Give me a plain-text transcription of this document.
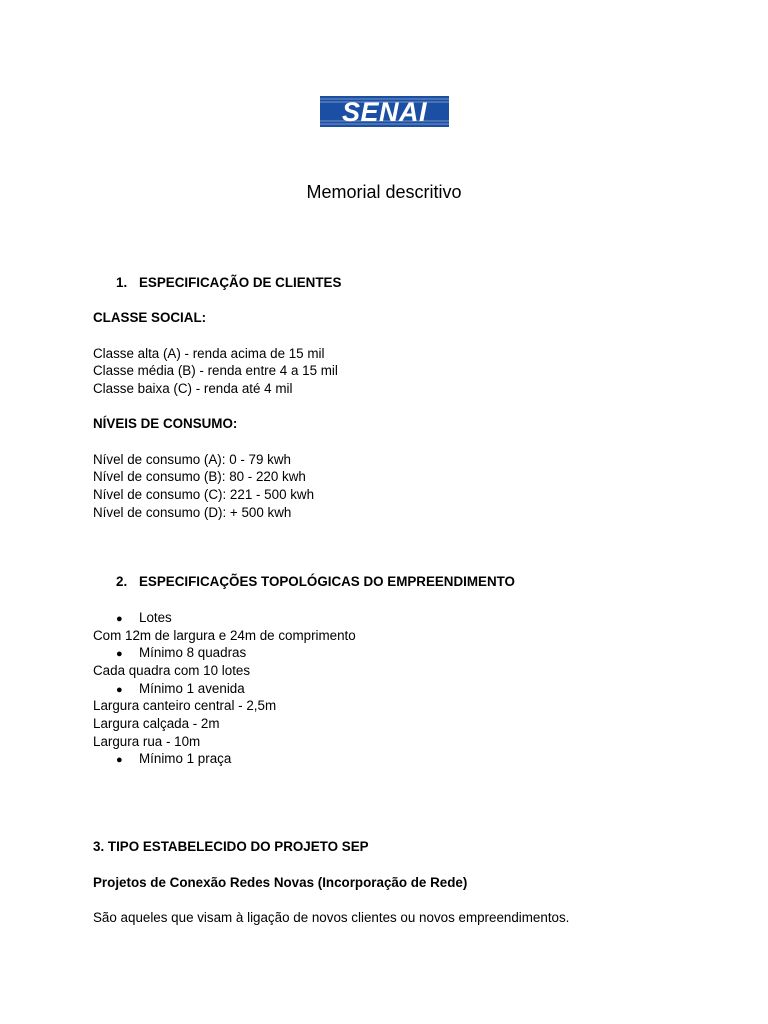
SENAI
Memorial descritivo
1. ESPECIFICAÇÃO DE CLIENTES
CLASSE SOCIAL:
Classe alta (A) - renda acima de 15 mil
Classe média (B) - renda entre 4 a 15 mil
Classe baixa (C) - renda até 4 mil
NÍVEIS DE CONSUMO:
Nível de consumo (A): 0 - 79 kwh
Nível de consumo (B): 80 - 220 kwh
Nível de consumo (C): 221 - 500 kwh
Nível de consumo (D): + 500 kwh
2. ESPECIFICAÇÕES TOPOLÓGICAS DO EMPREENDIMENTO
● Lotes
Com 12m de largura e 24m de comprimento
● Mínimo 8 quadras
Cada quadra com 10 lotes
● Mínimo 1 avenida
Largura canteiro central - 2,5m
Largura calçada - 2m
Largura rua - 10m
● Mínimo 1 praça
3. TIPO ESTABELECIDO DO PROJETO SEP
Projetos de Conexão Redes Novas (Incorporação de Rede)
São aqueles que visam à ligação de novos clientes ou novos empreendimentos.
